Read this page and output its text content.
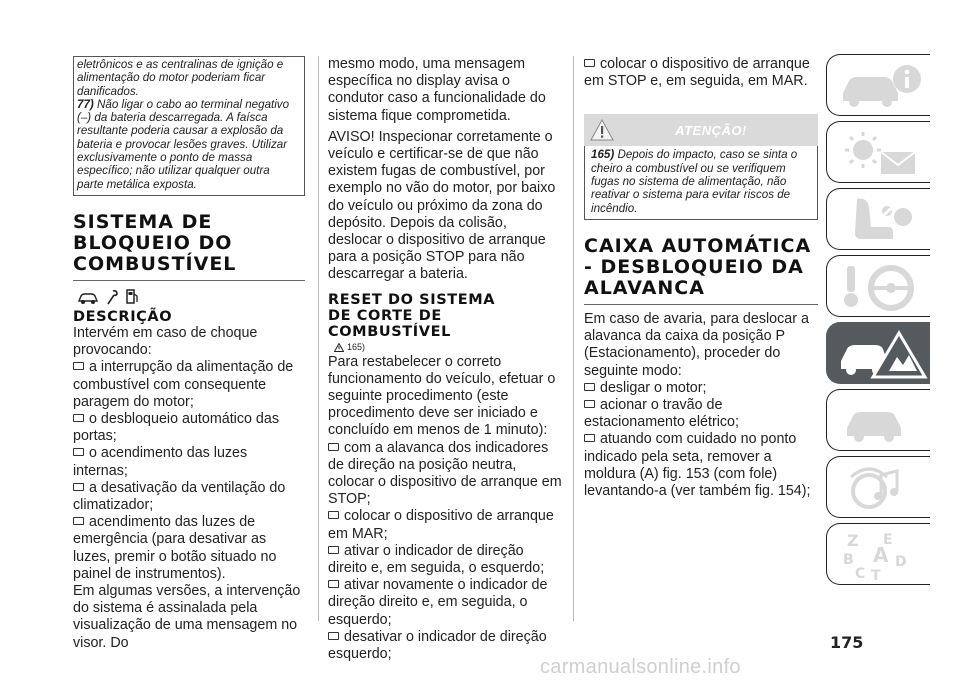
eletrônicos e as centralinas de ignição e alimentação do motor poderiam ficar danificados.
77) Não ligar o cabo ao terminal negativo (–) da bateria descarregada. A faísca resultante poderia causar a explosão da bateria e provocar lesões graves. Utilizar exclusivamente o ponto de massa específico; não utilizar qualquer outra parte metálica exposta.
SISTEMA DE
BLOQUEIO DO
COMBUSTÍVEL
DESCRIÇÃO
Intervém em caso de choque provocando:
a interrupção da alimentação de combustível com consequente paragem do motor;
o desbloqueio automático das portas;
o acendimento das luzes internas;
a desativação da ventilação do climatizador;
acendimento das luzes de emergência (para desativar as luzes, premir o botão situado no painel de instrumentos).
Em algumas versões, a intervenção do sistema é assinalada pela visualização de uma mensagem no visor. Do
mesmo modo, uma mensagem específica no display avisa o condutor caso a funcionalidade do sistema fique comprometida.
AVISO! Inspecionar corretamente o veículo e certificar-se de que não existem fugas de combustível, por exemplo no vão do motor, por baixo do veículo ou próximo da zona do depósito. Depois da colisão, deslocar o dispositivo de arranque para a posição STOP para não descarregar a bateria.
RESET DO SISTEMA
DE CORTE DE
COMBUSTÍVEL
165)
Para restabelecer o correto funcionamento do veículo, efetuar o seguinte procedimento (este procedimento deve ser iniciado e concluído em menos de 1 minuto):
com a alavanca dos indicadores de direção na posição neutra, colocar o dispositivo de arranque em STOP;
colocar o dispositivo de arranque em MAR;
ativar o indicador de direção direito e, em seguida, o esquerdo;
ativar novamente o indicador de direção direito e, em seguida, o esquerdo;
desativar o indicador de direção esquerdo;
colocar o dispositivo de arranque em STOP e, em seguida, em MAR.
ATENÇÃO!
165) Depois do impacto, caso se sinta o cheiro a combustível ou se verifiquem fugas no sistema de alimentação, não reativar o sistema para evitar riscos de incêndio.
CAIXA AUTOMÁTICA
- DESBLOQUEIO DA
ALAVANCA
Em caso de avaria, para deslocar a alavanca da caixa da posição P (Estacionamento), proceder do seguinte modo:
desligar o motor;
acionar o travão de estacionamento elétrico;
atuando com cuidado no ponto indicado pela seta, remover a moldura (A) fig. 153 (com fole) levantando-a (ver também fig. 154);
Z E
A
B	D
C T
175
carmanualsonline.info
